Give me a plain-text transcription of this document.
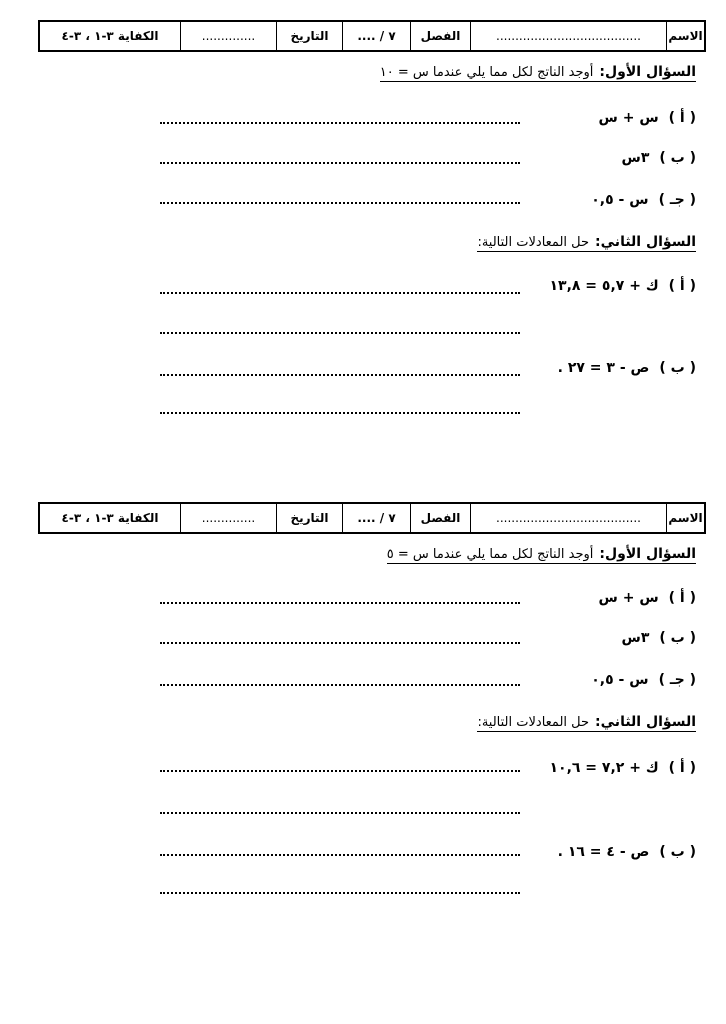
الاسم
......................................
الفصل
٧ / ....
التاريخ
..............
الكفاية ٣-١ ، ٣-٤
السؤال الأول:أوجد الناتج لكل مما يلي عندما س = ١٠
( أ )س + س
( ب )٣س
( جـ )س - ٠,٥
السؤال الثاني:حل المعادلات التالية:
( أ )ك + ٥,٧ = ١٣,٨
( ب )ص - ٣ = ٢٧ .
الاسم
......................................
الفصل
٧ / ....
التاريخ
..............
الكفاية ٣-١ ، ٣-٤
السؤال الأول:أوجد الناتج لكل مما يلي عندما س = ٥
( أ )س + س
( ب )٣س
( جـ )س - ٠,٥
السؤال الثاني:حل المعادلات التالية:
( أ )ك + ٧,٢ = ١٠,٦
( ب )ص - ٤ = ١٦ .
